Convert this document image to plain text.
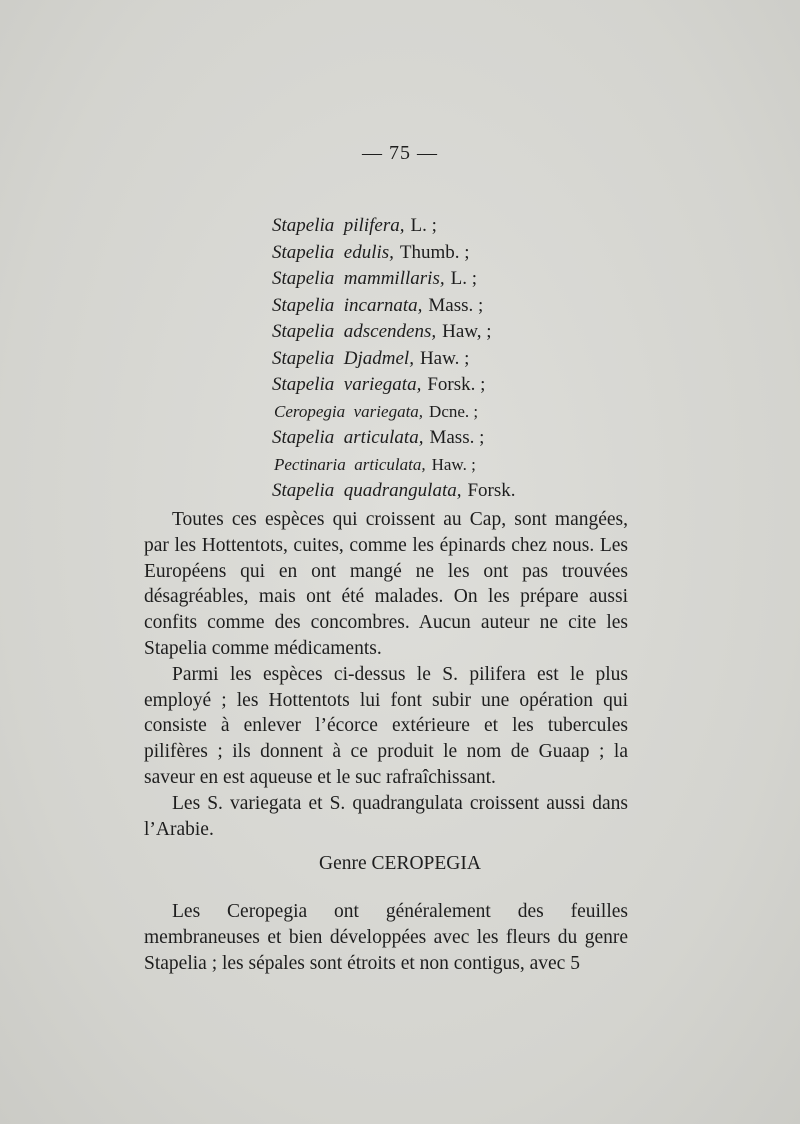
— 75 —
Stapelia  pilifera, L. ;
Stapelia  edulis, Thumb. ;
Stapelia  mammillaris, L. ;
Stapelia  incarnata, Mass. ;
Stapelia  adscendens, Haw, ;
Stapelia  Djadmel, Haw. ;
Stapelia  variegata, Forsk. ;
Ceropegia  variegata, Dcne. ;
Stapelia  articulata, Mass. ;
Pectinaria  articulata, Haw. ;
Stapelia  quadrangulata, Forsk.

Toutes ces espèces qui croissent au Cap, sont mangées, par les Hottentots, cuites, comme les épinards chez nous. Les Européens qui en ont mangé ne les ont pas trouvées désagréables, mais ont été malades. On les prépare aussi confits comme des concombres. Aucun auteur ne cite les Stapelia comme médicaments.

Parmi les espèces ci-dessus le S. pilifera est le plus employé ; les Hottentots lui font subir une opération qui consiste à enlever l’écorce extérieure et les tubercules pilifères ; ils donnent à ce produit le nom de Guaap ; la saveur en est aqueuse et le suc rafraîchissant.

Les S. variegata et S. quadrangulata croissent aussi dans l’Arabie.

Genre CEROPEGIA

Les Ceropegia ont généralement des feuilles membraneuses et bien développées avec les fleurs du genre Stapelia ; les sépales sont étroits et non contigus, avec 5
